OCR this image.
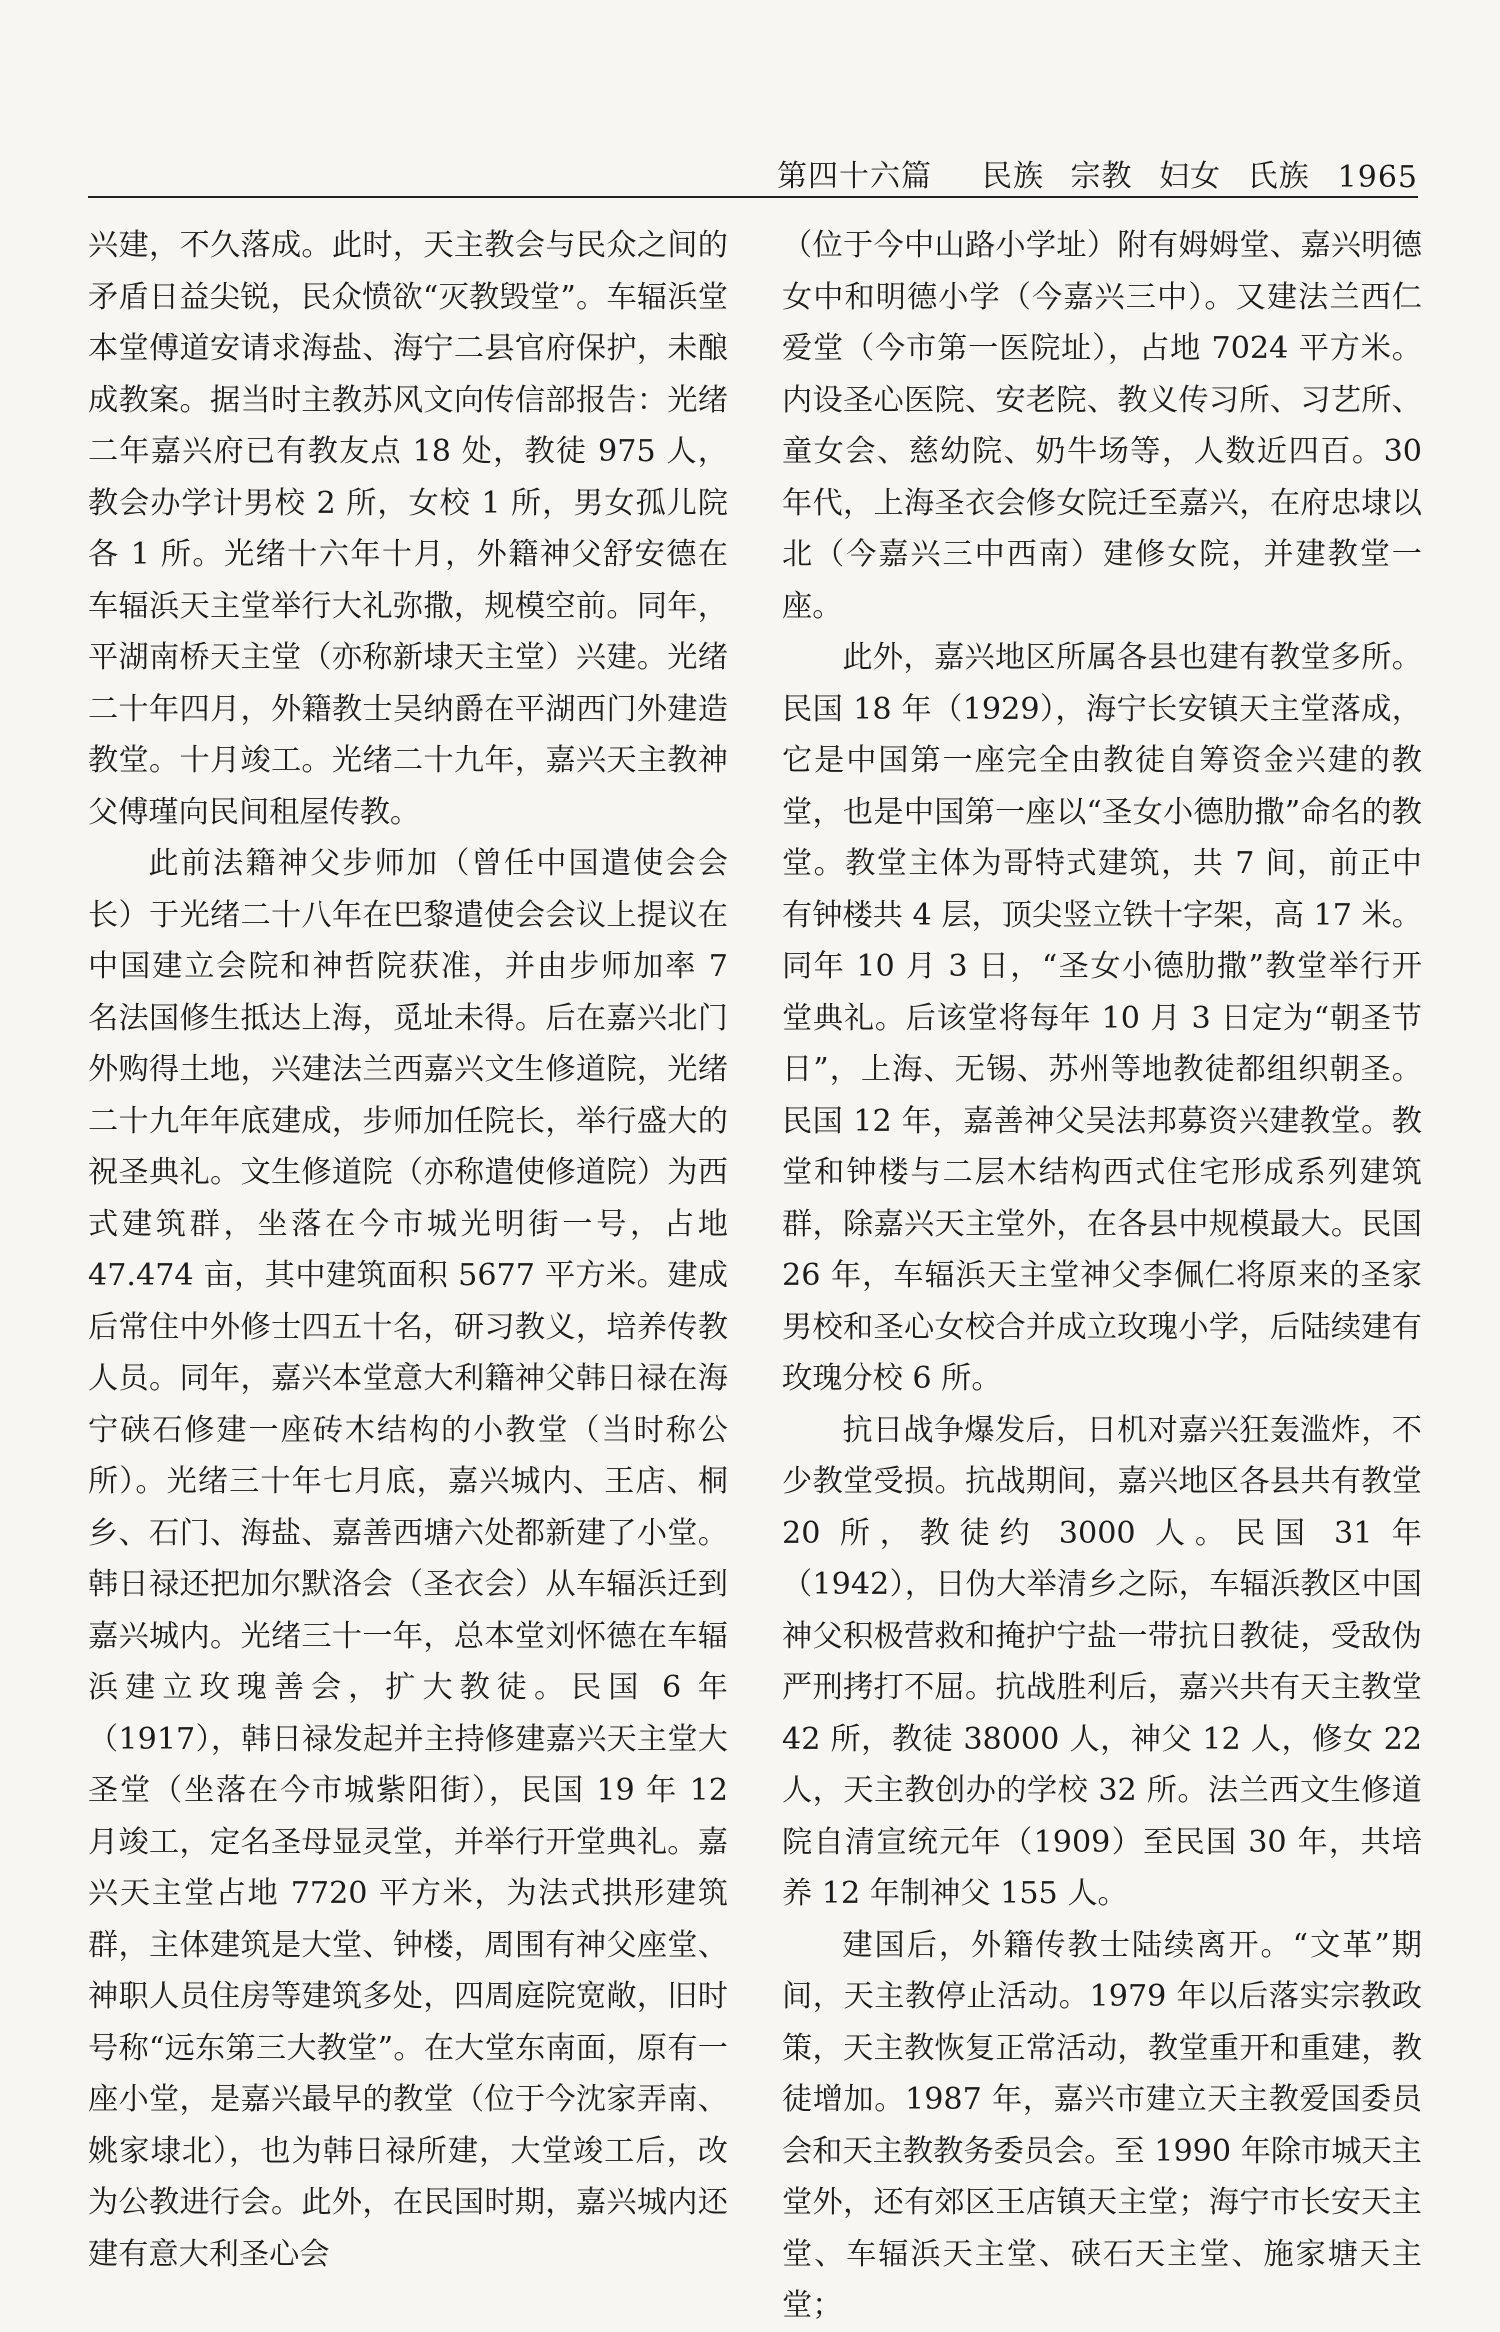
第四十六篇	民族 宗教 妇女 氏族 1965

兴建，不久落成。此时，天主教会与民众之间的矛盾日益尖锐，民众愤欲“灭教毁堂”。车辐浜堂本堂傅道安请求海盐、海宁二县官府保护，未酿成教案。据当时主教苏风文向传信部报告：光绪二年嘉兴府已有教友点 18 处，教徒 975 人，教会办学计男校 2 所，女校 1 所，男女孤儿院各 1 所。光绪十六年十月，外籍神父舒安德在车辐浜天主堂举行大礼弥撒，规模空前。同年，平湖南桥天主堂（亦称新埭天主堂）兴建。光绪二十年四月，外籍教士吴纳爵在平湖西门外建造教堂。十月竣工。光绪二十九年，嘉兴天主教神父傅瑾向民间租屋传教。

此前法籍神父步师加（曾任中国遣使会会长）于光绪二十八年在巴黎遣使会会议上提议在中国建立会院和神哲院获准，并由步师加率 7 名法国修生抵达上海，觅址未得。后在嘉兴北门外购得土地，兴建法兰西嘉兴文生修道院，光绪二十九年年底建成，步师加任院长，举行盛大的祝圣典礼。文生修道院（亦称遣使修道院）为西式建筑群，坐落在今市城光明街一号，占地 47.474 亩，其中建筑面积 5677 平方米。建成后常住中外修士四五十名，研习教义，培养传教人员。同年，嘉兴本堂意大利籍神父韩日禄在海宁硖石修建一座砖木结构的小教堂（当时称公所）。光绪三十年七月底，嘉兴城内、王店、桐乡、石门、海盐、嘉善西塘六处都新建了小堂。韩日禄还把加尔默洛会（圣衣会）从车辐浜迁到嘉兴城内。光绪三十一年，总本堂刘怀德在车辐浜建立玫瑰善会，扩大教徒。民国 6 年（1917），韩日禄发起并主持修建嘉兴天主堂大圣堂（坐落在今市城紫阳街），民国 19 年 12 月竣工，定名圣母显灵堂，并举行开堂典礼。嘉兴天主堂占地 7720 平方米，为法式拱形建筑群，主体建筑是大堂、钟楼，周围有神父座堂、神职人员住房等建筑多处，四周庭院宽敞，旧时号称“远东第三大教堂”。在大堂东南面，原有一座小堂，是嘉兴最早的教堂（位于今沈家弄南、姚家埭北），也为韩日禄所建，大堂竣工后，改为公教进行会。此外，在民国时期，嘉兴城内还建有意大利圣心会

（位于今中山路小学址）附有姆姆堂、嘉兴明德女中和明德小学（今嘉兴三中）。又建法兰西仁爱堂（今市第一医院址），占地 7024 平方米。内设圣心医院、安老院、教义传习所、习艺所、童女会、慈幼院、奶牛场等，人数近四百。30 年代，上海圣衣会修女院迁至嘉兴，在府忠埭以北（今嘉兴三中西南）建修女院，并建教堂一座。

此外，嘉兴地区所属各县也建有教堂多所。民国 18 年（1929），海宁长安镇天主堂落成，它是中国第一座完全由教徒自筹资金兴建的教堂，也是中国第一座以“圣女小德肋撒”命名的教堂。教堂主体为哥特式建筑，共 7 间，前正中有钟楼共 4 层，顶尖竖立铁十字架，高 17 米。同年 10 月 3 日，“圣女小德肋撒”教堂举行开堂典礼。后该堂将每年 10 月 3 日定为“朝圣节日”，上海、无锡、苏州等地教徒都组织朝圣。民国 12 年，嘉善神父吴法邦募资兴建教堂。教堂和钟楼与二层木结构西式住宅形成系列建筑群，除嘉兴天主堂外，在各县中规模最大。民国 26 年，车辐浜天主堂神父李佩仁将原来的圣家男校和圣心女校合并成立玫瑰小学，后陆续建有玫瑰分校 6 所。

抗日战争爆发后，日机对嘉兴狂轰滥炸，不少教堂受损。抗战期间，嘉兴地区各县共有教堂 20 所，教徒约 3000 人。民国 31 年（1942），日伪大举清乡之际，车辐浜教区中国神父积极营救和掩护宁盐一带抗日教徒，受敌伪严刑拷打不屈。抗战胜利后，嘉兴共有天主教堂 42 所，教徒 38000 人，神父 12 人，修女 22 人，天主教创办的学校 32 所。法兰西文生修道院自清宣统元年（1909）至民国 30 年，共培养 12 年制神父 155 人。

建国后，外籍传教士陆续离开。“文革”期间，天主教停止活动。1979 年以后落实宗教政策，天主教恢复正常活动，教堂重开和重建，教徒增加。1987 年，嘉兴市建立天主教爱国委员会和天主教教务委员会。至 1990 年除市城天主堂外，还有郊区王店镇天主堂；海宁市长安天主堂、车辐浜天主堂、硖石天主堂、施家塘天主堂；
